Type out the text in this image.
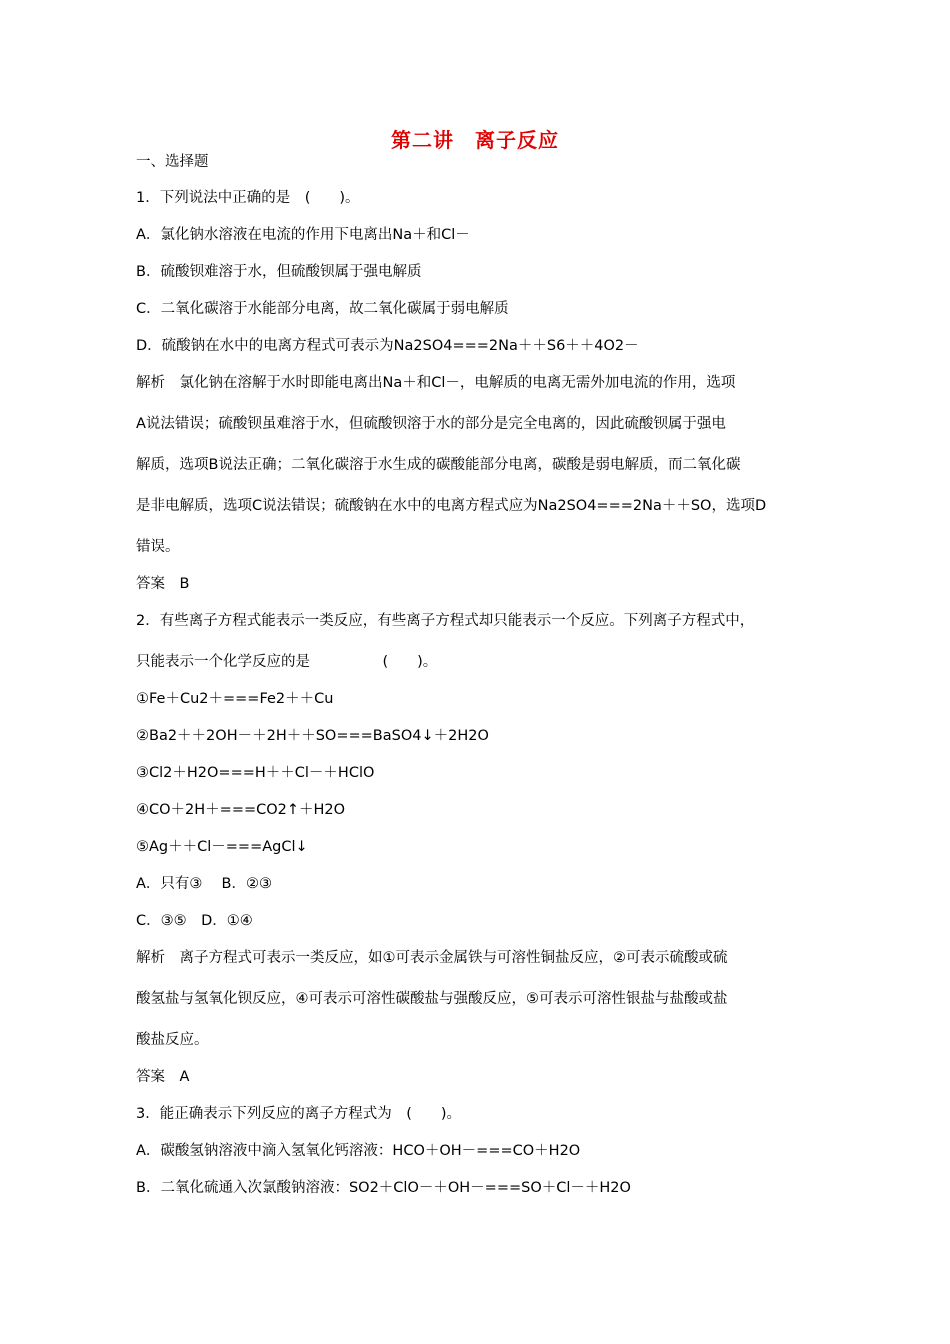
第二讲　离子反应
一、选择题
1．下列说法中正确的是　(　　)。
A．氯化钠水溶液在电流的作用下电离出Na＋和Cl－
B．硫酸钡难溶于水，但硫酸钡属于强电解质
C．二氧化碳溶于水能部分电离，故二氧化碳属于弱电解质
D．硫酸钠在水中的电离方程式可表示为Na2SO4===2Na＋＋S6＋＋4O2－
解析　氯化钠在溶解于水时即能电离出Na＋和Cl－，电解质的电离无需外加电流的作用，选项
A说法错误；硫酸钡虽难溶于水，但硫酸钡溶于水的部分是完全电离的，因此硫酸钡属于强电
解质，选项B说法正确；二氧化碳溶于水生成的碳酸能部分电离，碳酸是弱电解质，而二氧化碳
是非电解质，选项C说法错误；硫酸钠在水中的电离方程式应为Na2SO4===2Na＋＋SO，选项D
错误。
答案　B
2．有些离子方程式能表示一类反应，有些离子方程式却只能表示一个反应。下列离子方程式中，
只能表示一个化学反应的是　　　　　(　　)。
①Fe＋Cu2＋===Fe2＋＋Cu
②Ba2＋＋2OH－＋2H＋＋SO===BaSO4↓＋2H2O
③Cl2＋H2O===H＋＋Cl－＋HClO
④CO＋2H＋===CO2↑＋H2O
⑤Ag＋＋Cl－===AgCl↓
A．只有③　 B．②③
C．③⑤　D．①④
解析　离子方程式可表示一类反应，如①可表示金属铁与可溶性铜盐反应，②可表示硫酸或硫
酸氢盐与氢氧化钡反应，④可表示可溶性碳酸盐与强酸反应，⑤可表示可溶性银盐与盐酸或盐
酸盐反应。
答案　A
3．能正确表示下列反应的离子方程式为　(　　)。
A．碳酸氢钠溶液中滴入氢氧化钙溶液：HCO＋OH－===CO＋H2O
B．二氧化硫通入次氯酸钠溶液：SO2＋ClO－＋OH－===SO＋Cl－＋H2O
